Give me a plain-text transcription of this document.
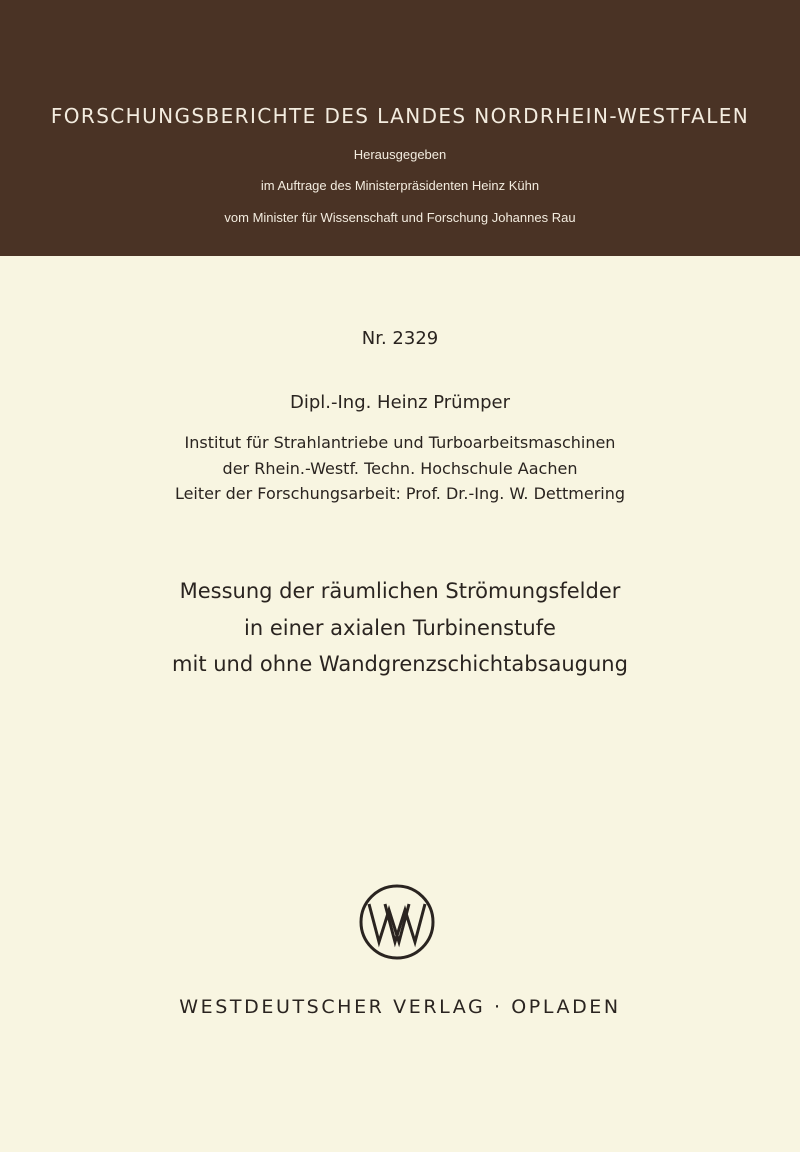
FORSCHUNGSBERICHTE DES LANDES NORDRHEIN-WESTFALEN
Herausgegeben
im Auftrage des Ministerpräsidenten Heinz Kühn
vom Minister für Wissenschaft und Forschung Johannes Rau
Nr. 2329
Dipl.-Ing. Heinz Prümper
Institut für Strahlantriebe und Turboarbeitsmaschinen
der Rhein.-Westf. Techn. Hochschule Aachen
Leiter der Forschungsarbeit: Prof. Dr.-Ing. W. Dettmering
Messung der räumlichen Strömungsfelder
in einer axialen Turbinenstufe
mit und ohne Wandgrenzschichtabsaugung
WESTDEUTSCHER VERLAG · OPLADEN
